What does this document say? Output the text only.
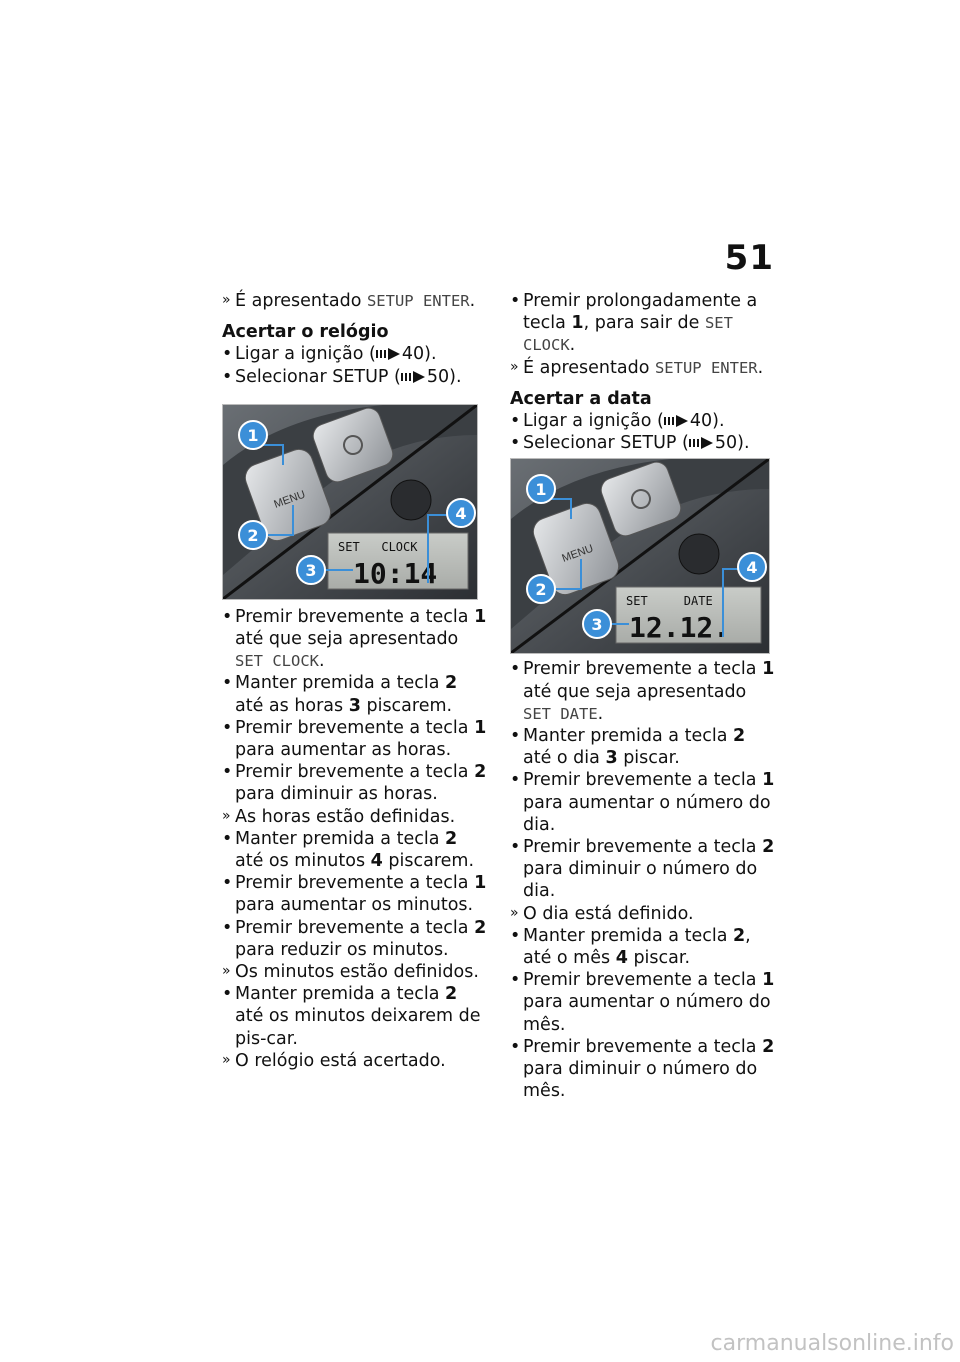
51
» É apresentado SETUP ENTER.
Acertar o relógio
• Ligar a ignição ( 40).
• Selecionar SETUP ( 50).
MENU
SET   CLOCK
10:14
1
2
3
4
• Premir brevemente a tecla 1 até que seja apresentado SET CLOCK.
• Manter premida a tecla 2 até as horas 3 piscarem.
• Premir brevemente a tecla 1 para aumentar as horas.
• Premir brevemente a tecla 2 para diminuir as horas.
» As horas estão definidas.
• Manter premida a tecla 2 até os minutos 4 piscarem.
• Premir brevemente a tecla 1 para aumentar os minutos.
• Premir brevemente a tecla 2 para reduzir os minutos.
» Os minutos estão definidos.
• Manter premida a tecla 2 até os minutos deixarem de pis-car.
» O relógio está acertado.
• Premir prolongadamente a tecla 1, para sair de SET CLOCK.
» É apresentado SETUP ENTER.
Acertar a data
• Ligar a ignição ( 40).
• Selecionar SETUP ( 50).
MENU
SET     DATE
12.12.
1
2
3
4
• Premir brevemente a tecla 1 até que seja apresentado SET DATE.
• Manter premida a tecla 2 até o dia 3 piscar.
• Premir brevemente a tecla 1 para aumentar o número do dia.
• Premir brevemente a tecla 2 para diminuir o número do dia.
» O dia está definido.
• Manter premida a tecla 2, até o mês 4 piscar.
• Premir brevemente a tecla 1 para aumentar o número do mês.
• Premir brevemente a tecla 2 para diminuir o número do mês.
carmanualsonline.info
